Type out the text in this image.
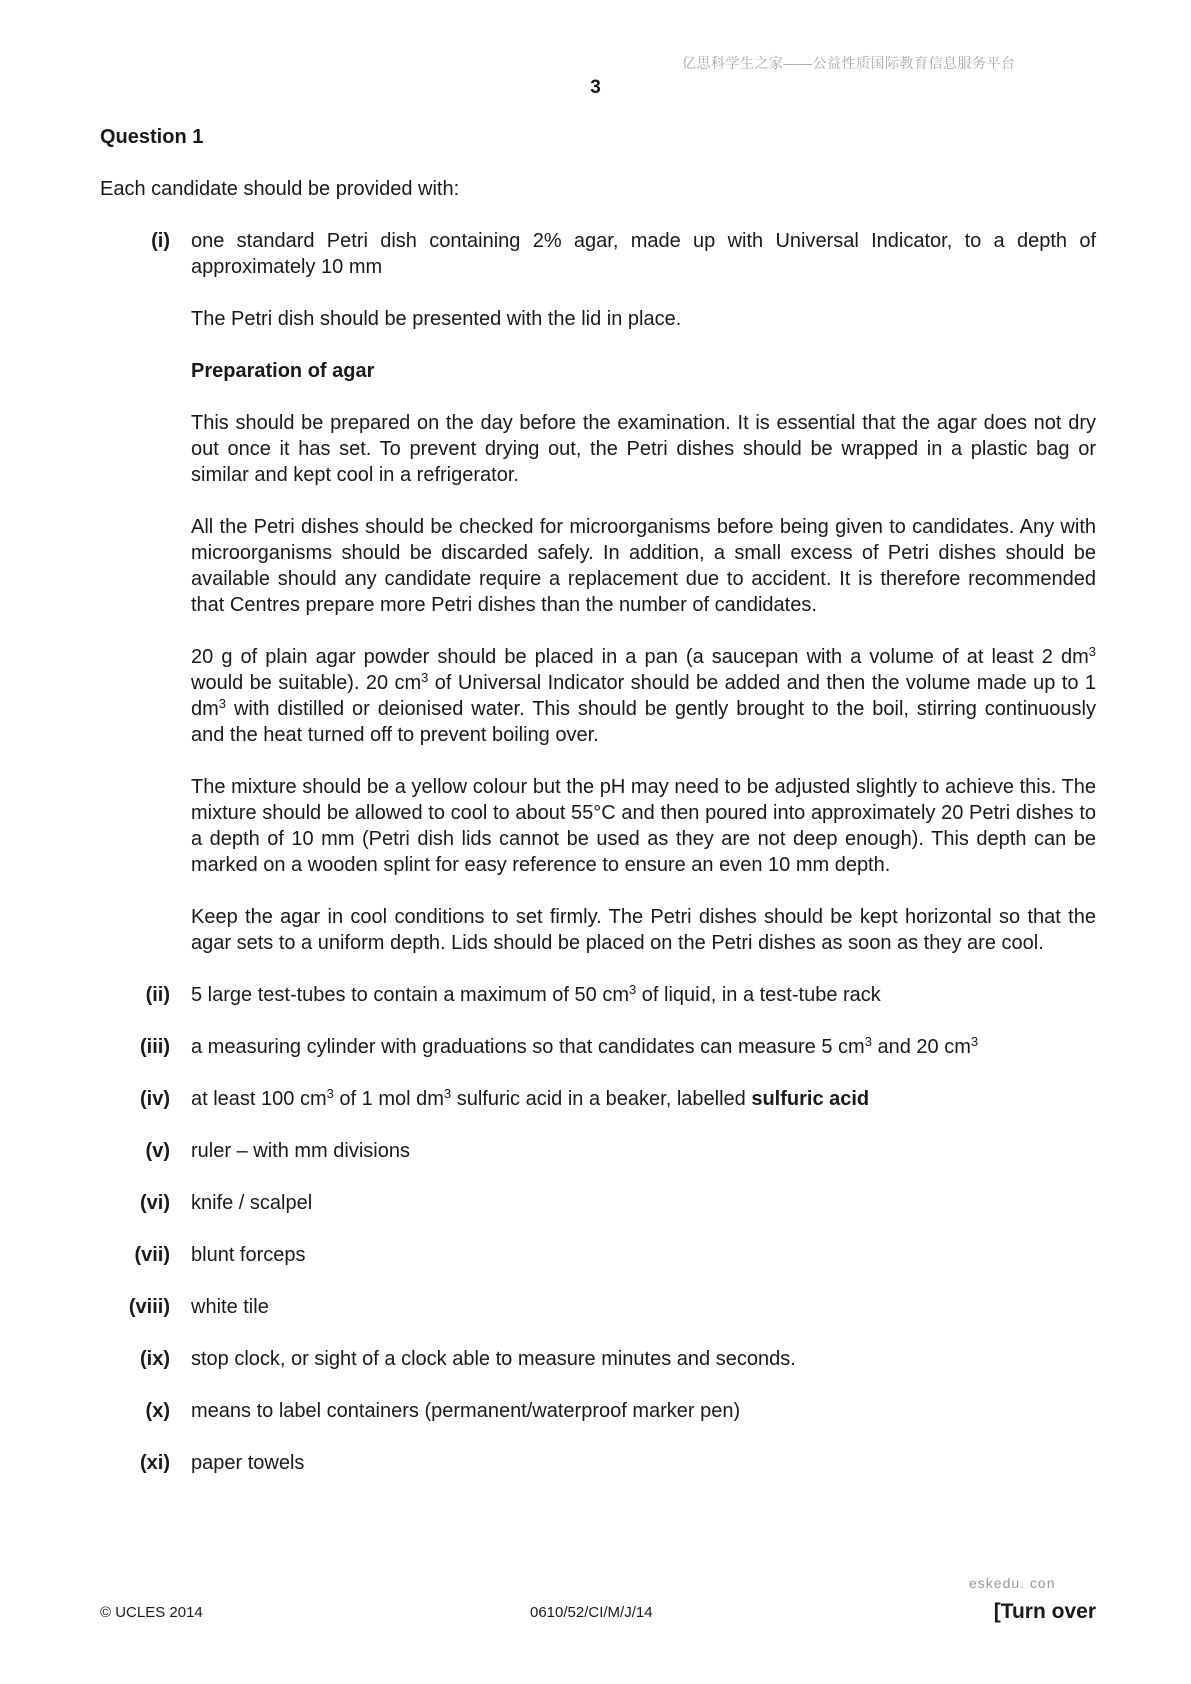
亿思科学生之家——公益性质国际教育信息服务平台
3
Question 1
Each candidate should be provided with:
(i) one standard Petri dish containing 2% agar, made up with Universal Indicator, to a depth of approximately 10 mm

The Petri dish should be presented with the lid in place.

Preparation of agar

This should be prepared on the day before the examination. It is essential that the agar does not dry out once it has set. To prevent drying out, the Petri dishes should be wrapped in a plastic bag or similar and kept cool in a refrigerator.

All the Petri dishes should be checked for microorganisms before being given to candidates. Any with microorganisms should be discarded safely. In addition, a small excess of Petri dishes should be available should any candidate require a replacement due to accident. It is therefore recommended that Centres prepare more Petri dishes than the number of candidates.

20 g of plain agar powder should be placed in a pan (a saucepan with a volume of at least 2 $dm^3$ would be suitable). 20 $cm^3$ of Universal Indicator should be added and then the volume made up to 1 $dm^3$ with distilled or deionised water. This should be gently brought to the boil, stirring continuously and the heat turned off to prevent boiling over.

The mixture should be a yellow colour but the pH may need to be adjusted slightly to achieve this. The mixture should be allowed to cool to about 55°C and then poured into approximately 20 Petri dishes to a depth of 10 mm (Petri dish lids cannot be used as they are not deep enough). This depth can be marked on a wooden splint for easy reference to ensure an even 10 mm depth.

Keep the agar in cool conditions to set firmly. The Petri dishes should be kept horizontal so that the agar sets to a uniform depth. Lids should be placed on the Petri dishes as soon as they are cool.

(ii) 5 large test-tubes to contain a maximum of 50 $cm^3$ of liquid, in a test-tube rack

(iii) a measuring cylinder with graduations so that candidates can measure 5 $cm^3$ and 20 $cm^3$

(iv) at least 100 $cm^3$ of 1 mol $dm^3$ sulfuric acid in a beaker, labelled sulfuric acid

(v) ruler – with mm divisions

(vi) knife / scalpel

(vii) blunt forceps

(viii) white tile

(ix) stop clock, or sight of a clock able to measure minutes and seconds.

(x) means to label containers (permanent/waterproof marker pen)

(xi) paper towels

eskedu. con
© UCLES 2014	0610/52/CI/M/J/14	[Turn over
